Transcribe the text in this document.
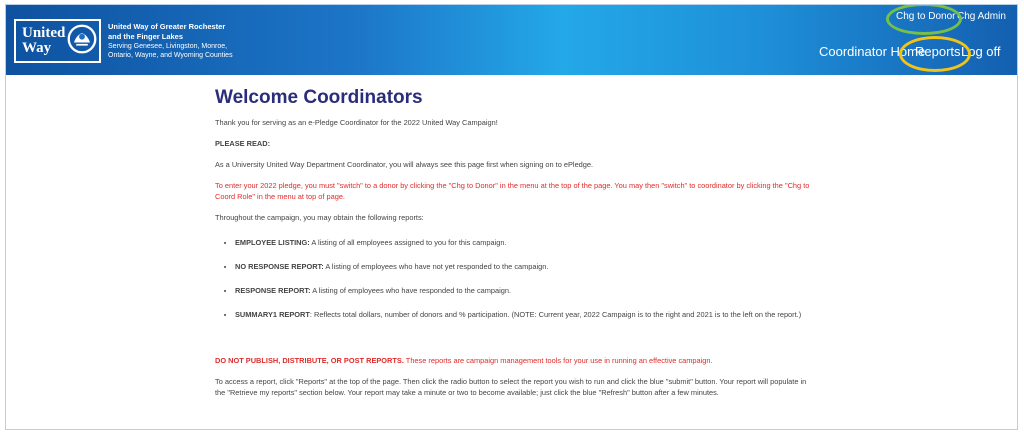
United
Way
United Way of Greater Rochester
and the Finger Lakes
Serving Genesee, Livingston, Monroe,
Ontario, Wayne, and Wyoming Counties
Chg to Donor Chg Admin
Coordinator Home
Reports Log off
Welcome Coordinators

Thank you for serving as an e-Pledge Coordinator for the 2022 United Way Campaign!

PLEASE READ:

As a University United Way Department Coordinator, you will always see this page first when signing on to ePledge.

To enter your 2022 pledge, you must "switch" to a donor by clicking the "Chg to Donor" in the menu at the top of the page. You may then "switch" to coordinator by clicking the "Chg to Coord Role" in the menu at top of page.

Throughout the campaign, you may obtain the following reports:

• EMPLOYEE LISTING: A listing of all employees assigned to you for this campaign.
• NO RESPONSE REPORT: A listing of employees who have not yet responded to the campaign.
• RESPONSE REPORT: A listing of employees who have responded to the campaign.
• SUMMARY1 REPORT: Reflects total dollars, number of donors and % participation. (NOTE: Current year, 2022 Campaign is to the right and 2021 is to the left on the report.)

DO NOT PUBLISH, DISTRIBUTE, OR POST REPORTS. These reports are campaign management tools for your use in running an effective campaign.

To access a report, click "Reports" at the top of the page. Then click the radio button to select the report you wish to run and click the blue "submit" button. Your report will populate in the "Retrieve my reports" section below. Your report may take a minute or two to become available; just click the blue "Refresh" button after a few minutes.
